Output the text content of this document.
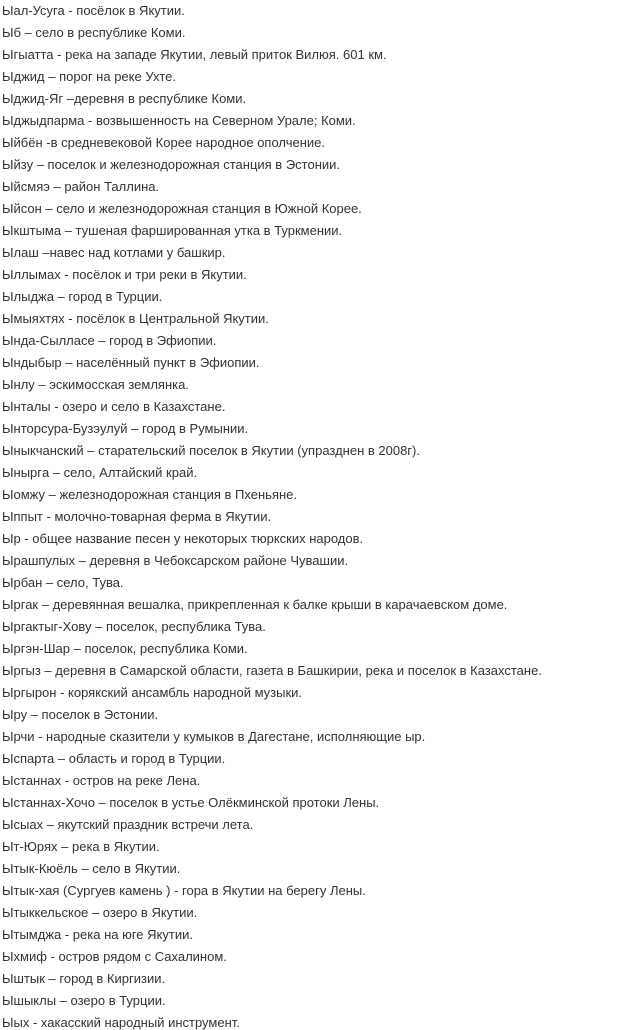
Ыал-Усуга - посёлок в Якутии.
Ыб – село в республике Коми.
Ыгыатта - река на западе Якутии, левый приток Вилюя. 601 км.
Ыджид – порог на реке Ухте.
Ыджид-Яг –деревня в республике Коми.
Ыджыдпарма - возвышенность на Северном Урале; Коми.
Ыйбён -в средневековой Корее народное ополчение.
Ыйзу – поселок и железнодорожная станция в Эстонии.
Ыйсмяэ – район Таллина.
Ыйсон – село и железнодорожная станция в Южной Корее.
Ыкштыма – тушеная фаршированная утка в Туркмении.
Ылаш –навес над котлами у башкир.
Ыллымах - посёлок и три реки в Якутии.
Ылыджа – город в Турции.
Ымыяхтях - посёлок в Центральной Якутии.
Ында-Сылласе – город в Эфиопии.
Ындыбыр – населённый пункт в Эфиопии.
Ынлу – эскимосская землянка.
Ынталы - озеро и село в Казахстане.
Ынторсура-Бузэулуй – город в Румынии.
Ыныкчанский – старательский поселок в Якутии (упразднен в 2008г).
Ыныргa – село, Алтайский край.
Ыомжу – железнодорожная станция в Пхеньяне.
Ыппыт - молочно-товарная ферма в Якутии.
Ыр - общее название песен у некоторых тюркских народов.
Ырашпулых – деревня в Чебоксарском районе Чувашии.
Ырбан – село, Тува.
Ыргак – деревянная вешалка, прикрепленная к балке крыши в карачаевском доме.
Ыргактыг-Хову – поселок, республика Тува.
Ыргэн-Шар – поселок, республика Коми.
Ыргыз – деревня в Самарской области, газета в Башкирии, река и поселок в Казахстане.
Ыргырон - корякский ансамбль народной музыки.
Ыру – поселок в Эстонии.
Ырчи - народные сказители у кумыков в Дагестане, исполняющие ыр.
Ыспарта – область и город в Турции.
Ыстаннах - остров на реке Лена.
Ыстаннах-Хочо – поселок в устье Олёкминской протоки Лены.
Ысыах – якутский праздник встречи лета.
Ыт-Юрях – река в Якутии.
Ытык-Кюёль – село в Якутии.
Ытык-хая (Сургуев камень ) - гора в Якутии на берегу Лены.
Ытыккельское – озеро в Якутии.
Ытымджа - река на юге Якутии.
Ыхмиф - остров рядом с Сахалином.
Ыштык – город в Киргизии.
Ышыклы – озеро в Турции.
Ыых - хакасский народный инструмент.
